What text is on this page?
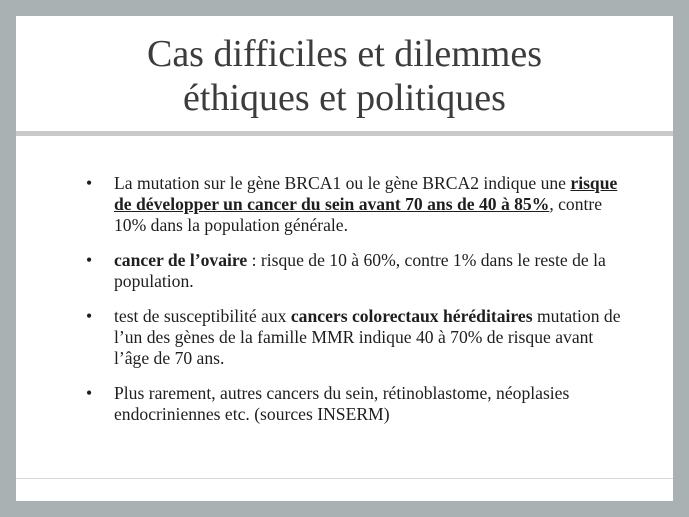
Cas difficiles et dilemmes
éthiques et politiques
• La mutation sur le gène BRCA1 ou le gène BRCA2 indique une risque de développer un cancer du sein avant 70 ans de 40 à 85%, contre 10% dans la population générale.
• cancer de l’ovaire : risque de 10 à 60%, contre 1% dans le reste de la population.
• test de susceptibilité aux cancers colorectaux héréditaires mutation de l’un des gènes de la famille MMR indique 40 à 70% de risque avant l’âge de 70 ans.
• Plus rarement, autres cancers du sein, rétinoblastome, néoplasies endocriniennes etc. (sources INSERM)
